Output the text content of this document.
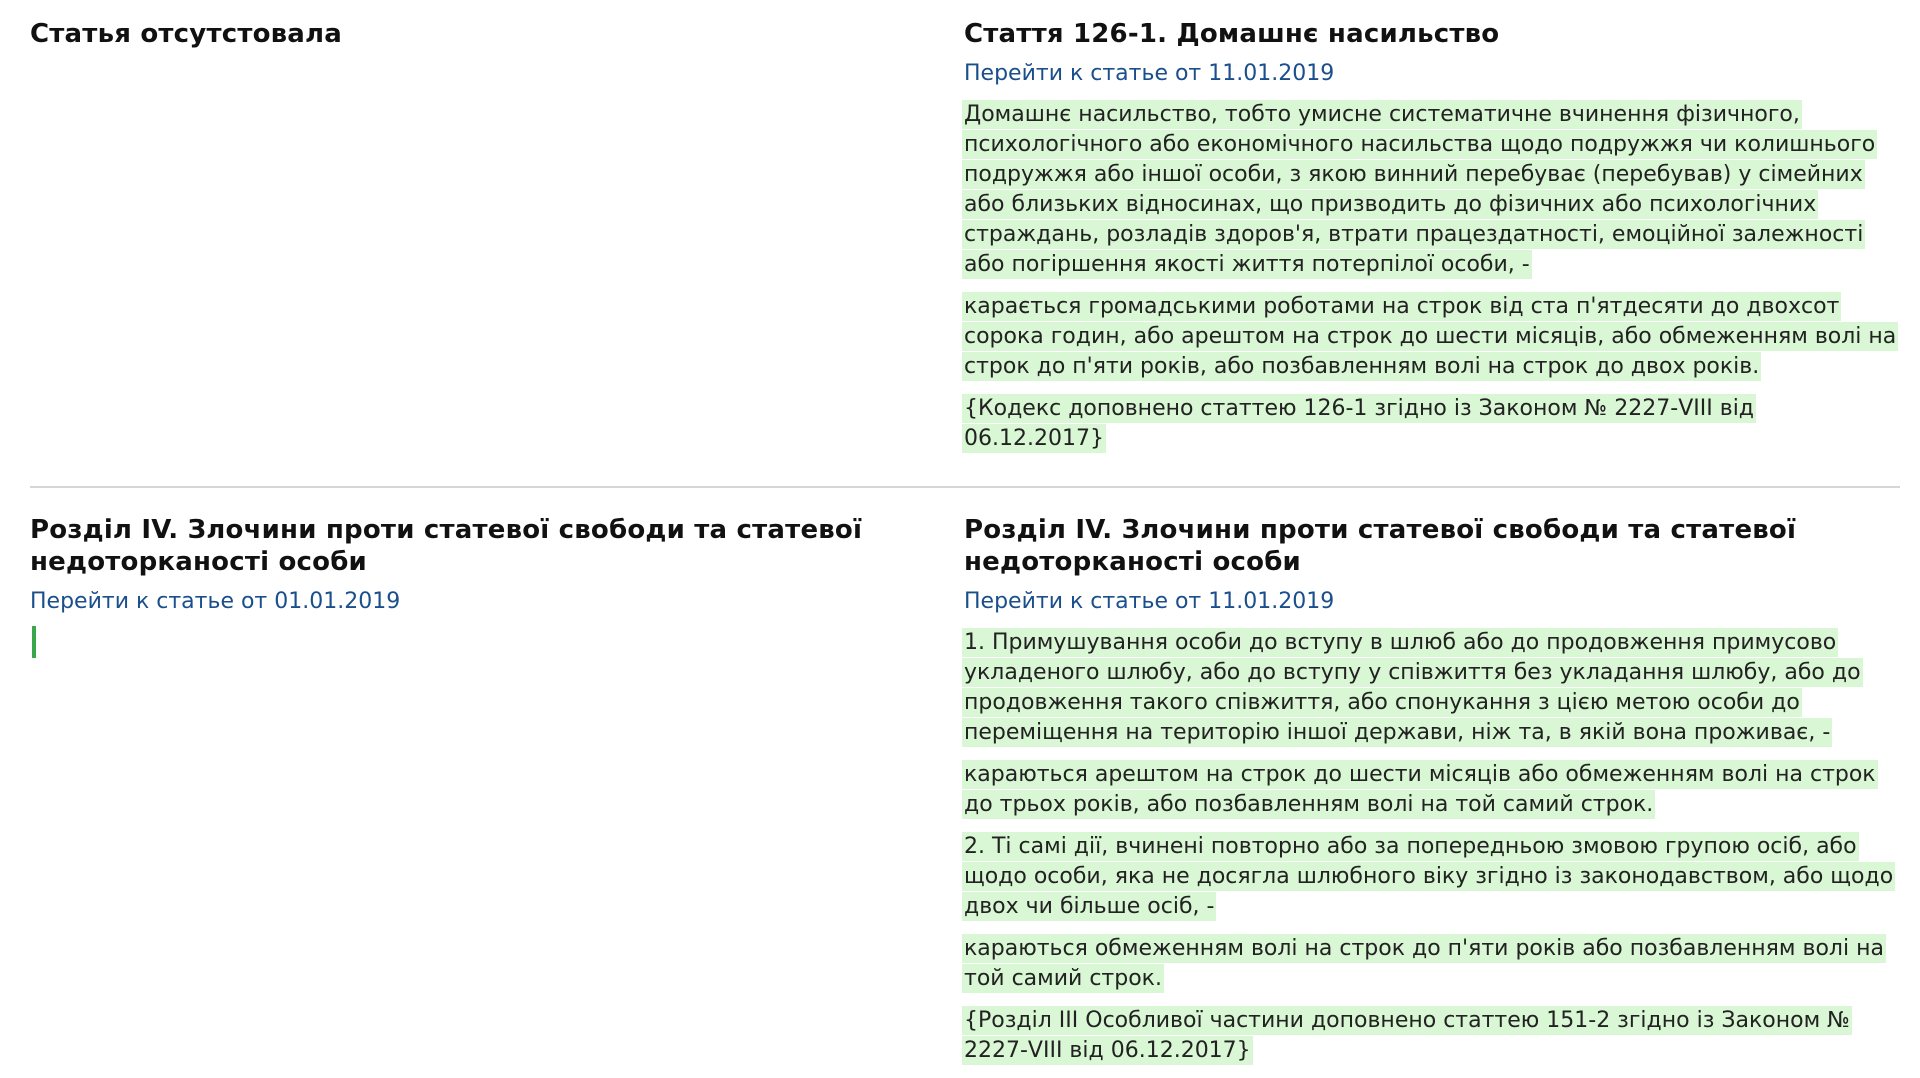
Статья отсутстовала	Стаття 126-1. Домашнє насильство
Перейти к статье от 11.01.2019

Домашнє насильство, тобто умисне систематичне вчинення фізичного, психологічного або економічного насильства щодо подружжя чи колишнього подружжя або іншої особи, з якою винний перебуває (перебував) у сімейних або близьких відносинах, що призводить до фізичних або психологічних страждань, розладів здоров'я, втрати працездатності, емоційної залежності або погіршення якості життя потерпілої особи, -

карається громадськими роботами на строк від ста п'ятдесяти до двохсот сорока годин, або арештом на строк до шести місяців, або обмеженням волі на строк до п'яти років, або позбавленням волі на строк до двох років.

{Кодекс доповнено статтею 126-1 згідно із Законом № 2227-VIII від 06.12.2017}

Розділ IV. Злочини проти статевої свободи та статевої недоторканості особи
Перейти к статье от 01.01.2019
Розділ IV. Злочини проти статевої свободи та статевої недоторканості особи
Перейти к статье от 11.01.2019

1. Примушування особи до вступу в шлюб або до продовження примусово укладеного шлюбу, або до вступу у співжиття без укладання шлюбу, або до продовження такого співжиття, або спонукання з цією метою особи до переміщення на територію іншої держави, ніж та, в якій вона проживає, -

караються арештом на строк до шести місяців або обмеженням волі на строк до трьох років, або позбавленням волі на той самий строк.

2. Ті самі дії, вчинені повторно або за попередньою змовою групою осіб, або щодо особи, яка не досягла шлюбного віку згідно із законодавством, або щодо двох чи більше осіб, -

караються обмеженням волі на строк до п'яти років або позбавленням волі на той самий строк.

{Розділ III Особливої частини доповнено статтею 151-2 згідно із Законом № 2227-VIII від 06.12.2017}
